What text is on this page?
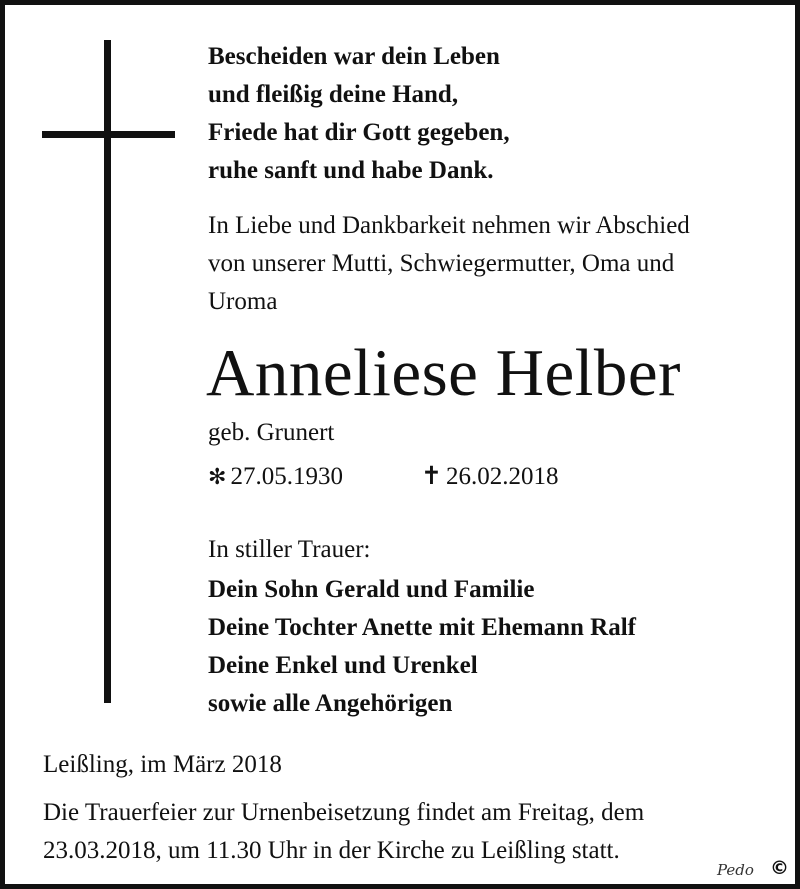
Bescheiden war dein Leben
und fleißig deine Hand,
Friede hat dir Gott gegeben,
ruhe sanft und habe Dank.

In Liebe und Dankbarkeit nehmen wir Abschied
von unserer Mutti, Schwiegermutter, Oma und
Uroma

Anneliese Helber
geb. Grunert
✻ 27.05.1930	✝ 26.02.2018
In stiller Trauer:

Dein Sohn Gerald und Familie
Deine Tochter Anette mit Ehemann Ralf
Deine Enkel und Urenkel
sowie alle Angehörigen

Leißling, im März 2018
Die Trauerfeier zur Urnenbeisetzung findet am Freitag, dem
23.03.2018, um 11.30 Uhr in der Kirche zu Leißling statt.
Pedo ©
